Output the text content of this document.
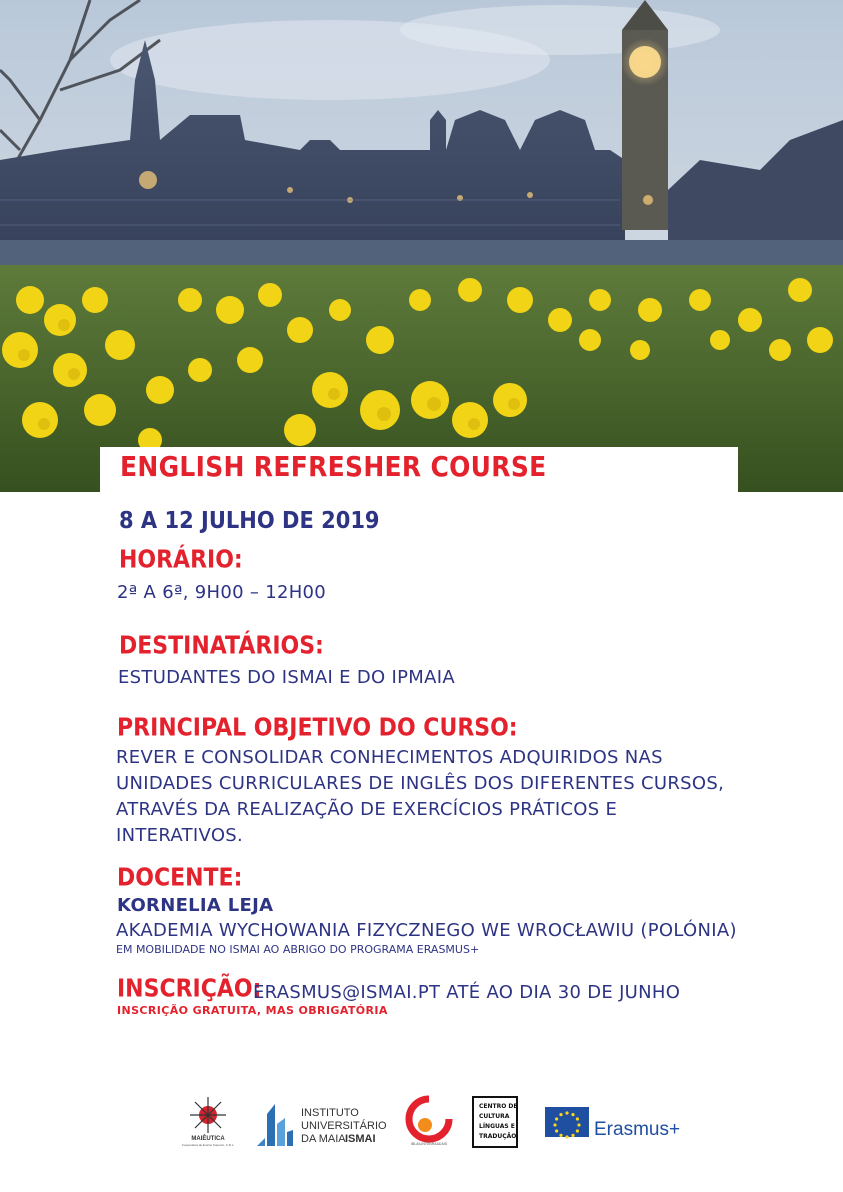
ENGLISH REFRESHER COURSE
8 A 12 JULHO DE 2019
HORÁRIO:
2ª A 6ª, 9H00 – 12H00
DESTINATÁRIOS:
ESTUDANTES DO ISMAI E DO IPMAIA
PRINCIPAL OBJETIVO DO CURSO:
REVER E CONSOLIDAR CONHECIMENTOS ADQUIRIDOS NAS
UNIDADES CURRICULARES DE INGLÊS DOS DIFERENTES CURSOS,
ATRAVÉS DA REALIZAÇÃO DE EXERCÍCIOS PRÁTICOS E
INTERATIVOS.
DOCENTE:
KORNELIA LEJA
AKADEMIA WYCHOWANIA FIZYCZNEGO WE WROCŁAWIU (POLÓNIA)
EM MOBILIDADE NO ISMAI AO ABRIGO DO PROGRAMA ERASMUS+
INSCRIÇÃO:
ERASMUS@ISMAI.PT ATÉ AO DIA 30 DE JUNHO
INSCRIÇÃO GRATUITA, MAS OBRIGATÓRIA
MAIÊUTICA
Cooperativa de Ensino Superior, C.R.L.
INSTITUTO
UNIVERSITÁRIO
DA MAIA ISMAI	IBLAILINTEBRAADAIS
CENTRO DE
CULTURA
LÍNGUAS E
TRADUÇÃO	Erasmus+
